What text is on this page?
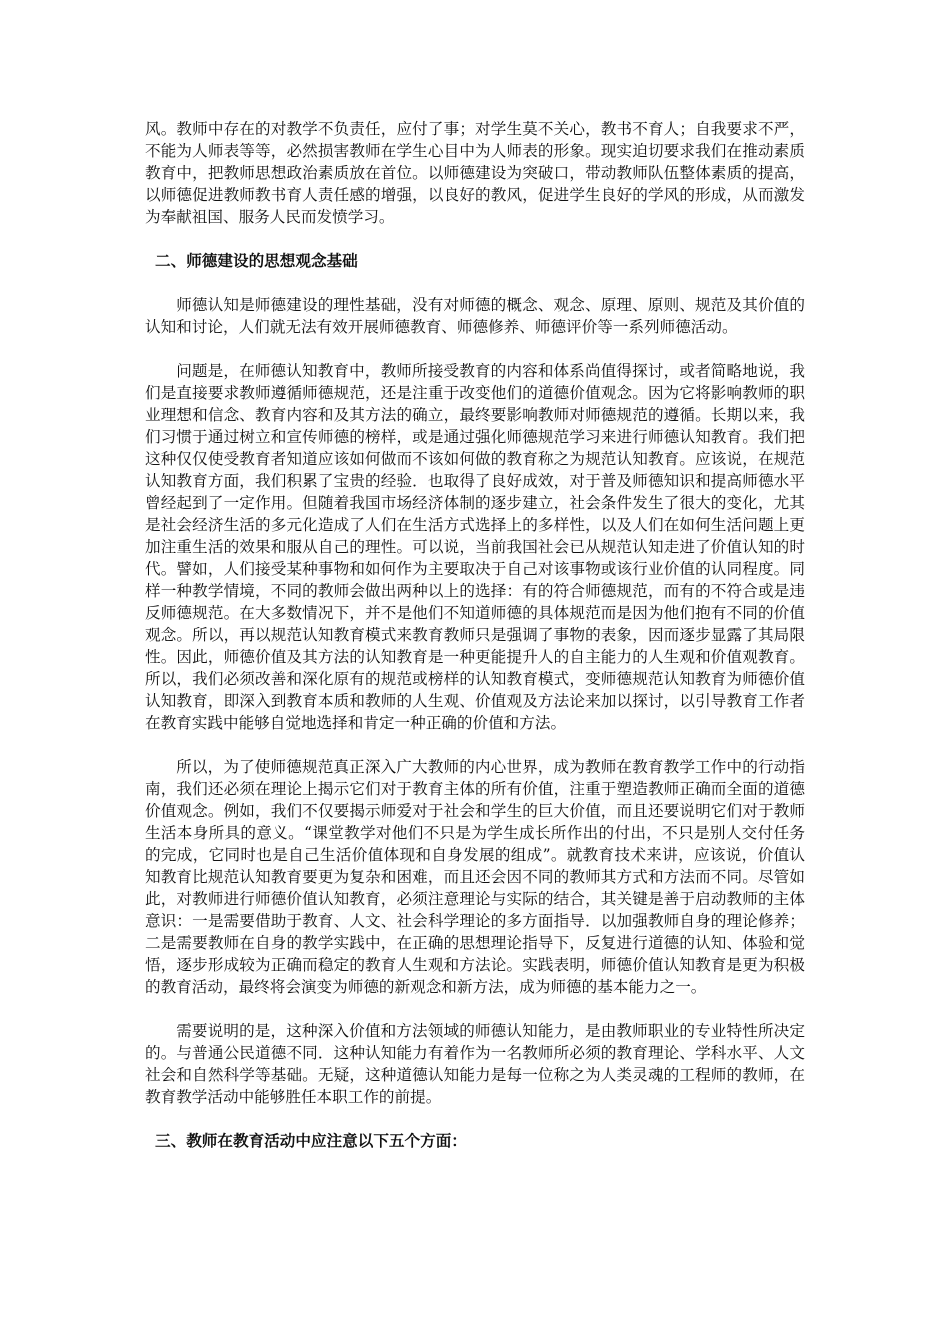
风。教师中存在的对教学不负责任，应付了事；对学生莫不关心，教书不育人；自我要求不严，不能为人师表等等，必然损害教师在学生心目中为人师表的形象。现实迫切要求我们在推动素质教育中，把教师思想政治素质放在首位。以师德建设为突破口，带动教师队伍整体素质的提高，以师德促进教师教书育人责任感的增强，以良好的教风，促进学生良好的学风的形成，从而激发为奉献祖国、服务人民而发愤学习。

二、师德建设的思想观念基础

师德认知是师德建设的理性基础，没有对师德的概念、观念、原理、原则、规范及其价值的认知和讨论，人们就无法有效开展师德教育、师德修养、师德评价等一系列师德活动。

问题是，在师德认知教育中，教师所接受教育的内容和体系尚值得探讨，或者简略地说，我们是直接要求教师遵循师德规范，还是注重于改变他们的道德价值观念。因为它将影响教师的职业理想和信念、教育内容和及其方法的确立，最终要影响教师对师德规范的遵循。长期以来，我们习惯于通过树立和宣传师德的榜样，或是通过强化师德规范学习来进行师德认知教育。我们把这种仅仅使受教育者知道应该如何做而不该如何做的教育称之为规范认知教育。应该说，在规范认知教育方面，我们积累了宝贵的经验．也取得了良好成效，对于普及师德知识和提高师德水平曾经起到了一定作用。但随着我国市场经济体制的逐步建立，社会条件发生了很大的变化，尤其是社会经济生活的多元化造成了人们在生活方式选择上的多样性，以及人们在如何生活问题上更加注重生活的效果和服从自己的理性。可以说，当前我国社会已从规范认知走进了价值认知的时代。譬如，人们接受某种事物和如何作为主要取决于自己对该事物或该行业价值的认同程度。同样一种教学情境，不同的教师会做出两种以上的选择：有的符合师德规范，而有的不符合或是违反师德规范。在大多数情况下，并不是他们不知道师德的具体规范而是因为他们抱有不同的价值观念。所以，再以规范认知教育模式来教育教师只是强调了事物的表象，因而逐步显露了其局限性。因此，师德价值及其方法的认知教育是一种更能提升人的自主能力的人生观和价值观教育。所以，我们必须改善和深化原有的规范或榜样的认知教育模式，变师德规范认知教育为师德价值认知教育，即深入到教育本质和教师的人生观、价值观及方法论来加以探讨，以引导教育工作者在教育实践中能够自觉地选择和肯定一种正确的价值和方法。

所以，为了使师德规范真正深入广大教师的内心世界，成为教师在教育教学工作中的行动指南，我们还必须在理论上揭示它们对于教育主体的所有价值，注重于塑造教师正确而全面的道德价值观念。例如，我们不仅要揭示师爱对于社会和学生的巨大价值，而且还要说明它们对于教师生活本身所具的意义。“课堂教学对他们不只是为学生成长所作出的付出，不只是别人交付任务的完成，它同时也是自己生活价值体现和自身发展的组成”。就教育技术来讲，应该说，价值认知教育比规范认知教育要更为复杂和困难，而且还会因不同的教师其方式和方法而不同。尽管如此，对教师进行师德价值认知教育，必须注意理论与实际的结合，其关键是善于启动教师的主体意识：一是需要借助于教育、人文、社会科学理论的多方面指导．以加强教师自身的理论修养；二是需要教师在自身的教学实践中，在正确的思想理论指导下，反复进行道德的认知、体验和觉悟，逐步形成较为正确而稳定的教育人生观和方法论。实践表明，师德价值认知教育是更为积极的教育活动，最终将会演变为师德的新观念和新方法，成为师德的基本能力之一。

需要说明的是，这种深入价值和方法领域的师德认知能力，是由教师职业的专业特性所决定的。与普通公民道德不同．这种认知能力有着作为一名教师所必须的教育理论、学科水平、人文社会和自然科学等基础。无疑，这种道德认知能力是每一位称之为人类灵魂的工程师的教师，在教育教学活动中能够胜任本职工作的前提。

三、教师在教育活动中应注意以下五个方面：
